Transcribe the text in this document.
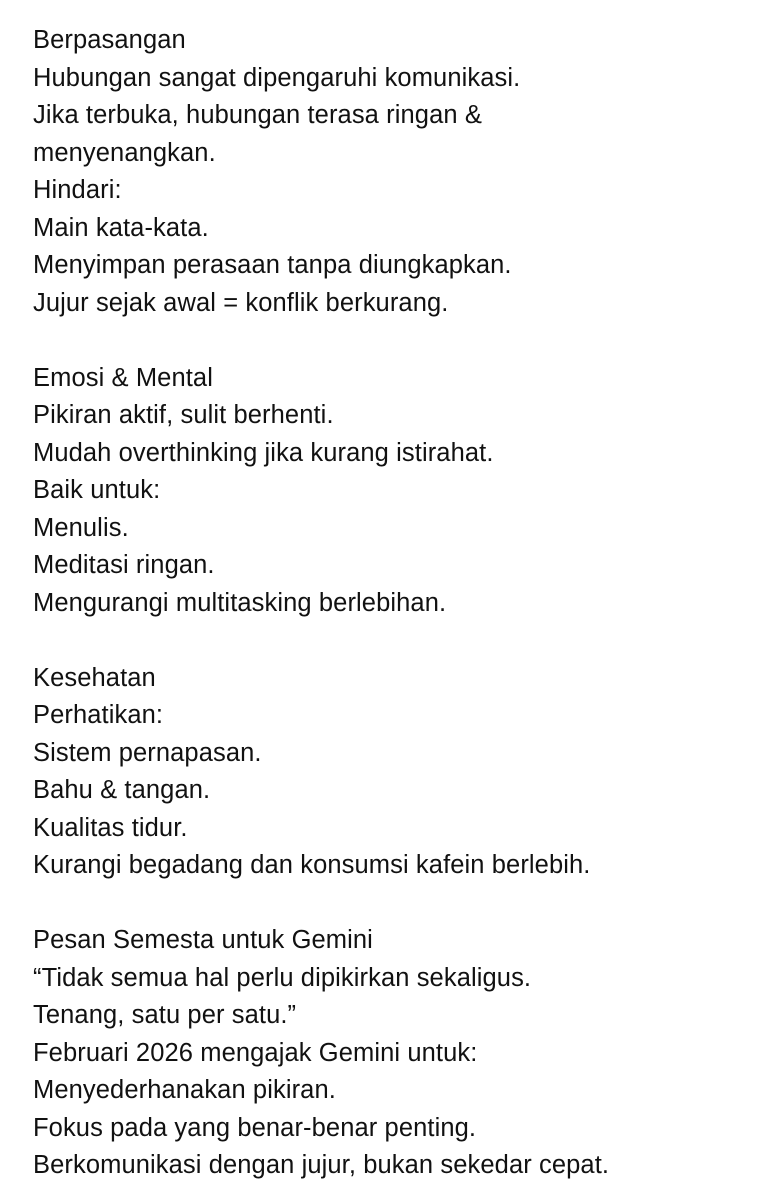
Berpasangan

Hubungan sangat dipengaruhi komunikasi.

Jika terbuka, hubungan terasa ringan &

menyenangkan.

Hindari:

Main kata-kata.

Menyimpan perasaan tanpa diungkapkan.

Jujur sejak awal = konflik berkurang.

Emosi & Mental

Pikiran aktif, sulit berhenti.

Mudah overthinking jika kurang istirahat.

Baik untuk:

Menulis.

Meditasi ringan.

Mengurangi multitasking berlebihan.

Kesehatan

Perhatikan:

Sistem pernapasan.

Bahu & tangan.

Kualitas tidur.

Kurangi begadang dan konsumsi kafein berlebih.

Pesan Semesta untuk Gemini

“Tidak semua hal perlu dipikirkan sekaligus.

Tenang, satu per satu.”

Februari 2026 mengajak Gemini untuk:

Menyederhanakan pikiran.

Fokus pada yang benar-benar penting.

Berkomunikasi dengan jujur, bukan sekedar cepat.
